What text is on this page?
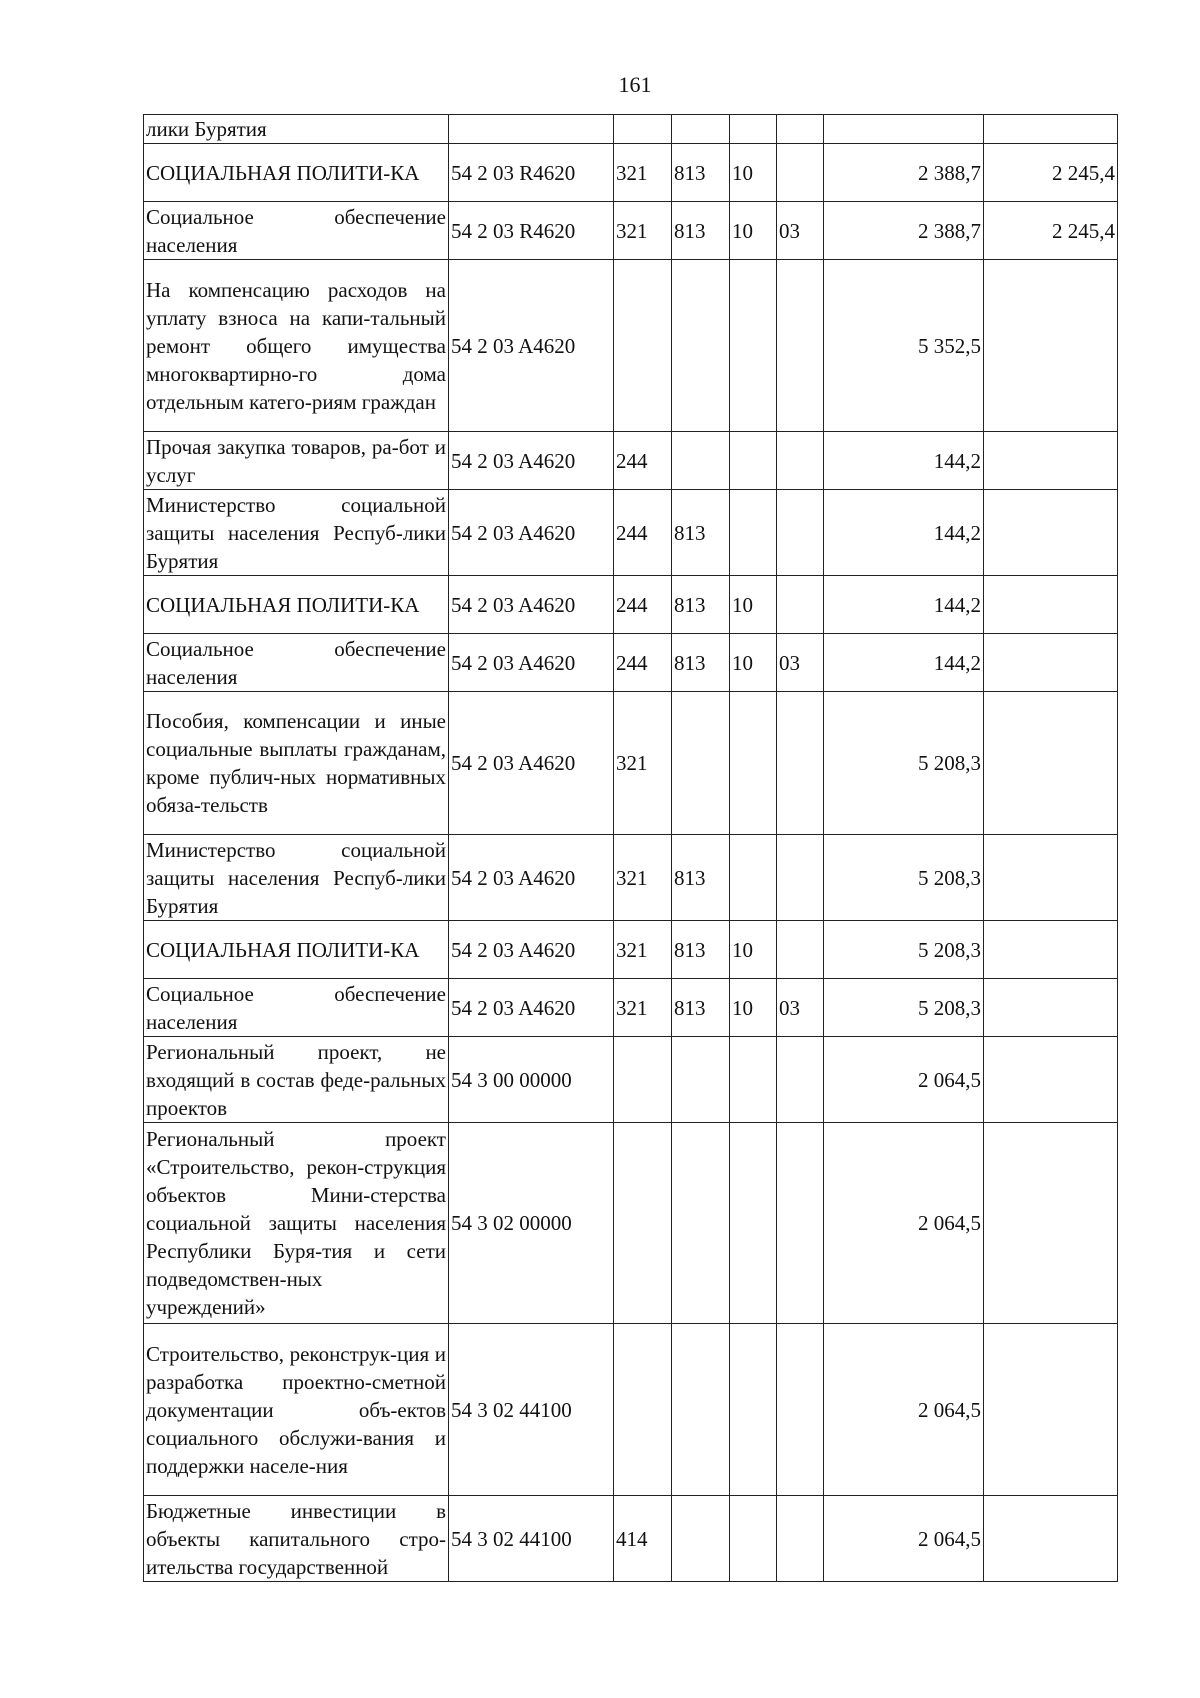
161
лики Бурятия							
СОЦИАЛЬНАЯ ПОЛИТИ-КА	54 2 03 R4620	321	813	10		2 388,7	2 245,4
Социальное обеспечение населения	54 2 03 R4620	321	813	10	03	2 388,7	2 245,4
На компенсацию расходов на уплату взноса на капи-тальный ремонт общего имущества многоквартирно-го дома отдельным катего-риям граждан	54 2 03 A4620					5 352,5	
Прочая закупка товаров, ра-бот и услуг	54 2 03 A4620	244				144,2	
Министерство социальной защиты населения Респуб-лики Бурятия	54 2 03 A4620	244	813			144,2	
СОЦИАЛЬНАЯ ПОЛИТИ-КА	54 2 03 A4620	244	813	10		144,2	
Социальное обеспечение населения	54 2 03 A4620	244	813	10	03	144,2	
Пособия, компенсации и иные социальные выплаты гражданам, кроме публич-ных нормативных обяза-тельств	54 2 03 A4620	321				5 208,3	
Министерство социальной защиты населения Респуб-лики Бурятия	54 2 03 A4620	321	813			5 208,3	
СОЦИАЛЬНАЯ ПОЛИТИ-КА	54 2 03 A4620	321	813	10		5 208,3	
Социальное обеспечение населения	54 2 03 A4620	321	813	10	03	5 208,3	
Региональный проект, не входящий в состав феде-ральных проектов	54 3 00 00000					2 064,5	
Региональный проект «Строительство, рекон-струкция объектов Мини-стерства социальной защиты населения Республики Буря-тия и сети подведомствен-ных учреждений»	54 3 02 00000					2 064,5	
Строительство, реконструк-ция и разработка проектно-сметной документации объ-ектов социального обслужи-вания и поддержки населе-ния	54 3 02 44100					2 064,5	
Бюджетные инвестиции в объекты капитального стро-ительства государственной	54 3 02 44100	414				2 064,5	
